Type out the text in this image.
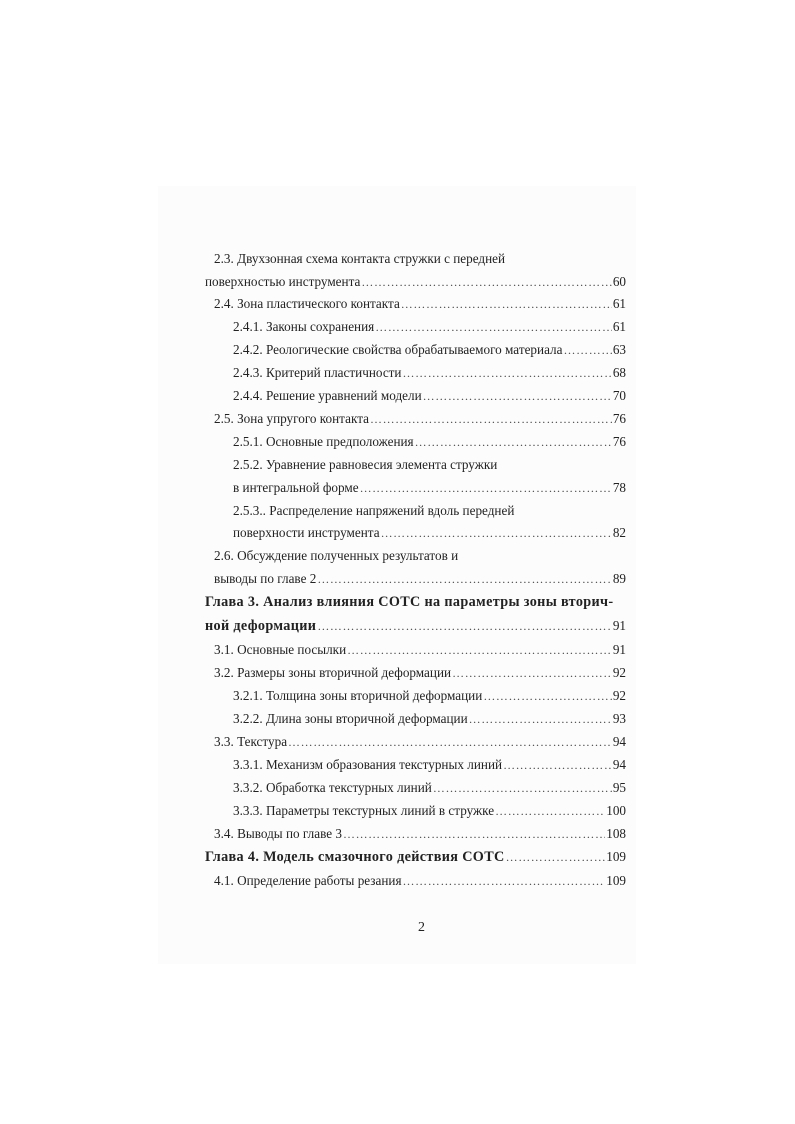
2.3. Двухзонная схема контакта стружки с передней
поверхностью инструмента ……………………………………………………………………………………………………………………………………	60
2.4. Зона пластического контакта ……………………………………………………………………………………………………………………………………	61
2.4.1. Законы сохранения ……………………………………………………………………………………………………………………………………	61
2.4.2. Реологические свойства обрабатываемого материала ……………………………………………………………………………………………………………………………………	63
2.4.3. Критерий пластичности ……………………………………………………………………………………………………………………………………	68
2.4.4. Решение уравнений модели ……………………………………………………………………………………………………………………………………	70
2.5. Зона упругого контакта ……………………………………………………………………………………………………………………………………	76
2.5.1. Основные предположения ……………………………………………………………………………………………………………………………………	76
2.5.2. Уравнение равновесия элемента стружки
в интегральной форме ……………………………………………………………………………………………………………………………………	78
2.5.3.. Распределение напряжений вдоль передней
поверхности инструмента ……………………………………………………………………………………………………………………………………	82
2.6. Обсуждение полученных результатов и
выводы по главе 2 ……………………………………………………………………………………………………………………………………	89
Глава 3. Анализ влияния СОТС на параметры зоны вторич-
ной деформации ……………………………………………………………………………………………………………………………………	91
3.1. Основные посылки ……………………………………………………………………………………………………………………………………	91
3.2. Размеры зоны вторичной деформации ……………………………………………………………………………………………………………………………………	92
3.2.1. Толщина зоны вторичной деформации ……………………………………………………………………………………………………………………………………	92
3.2.2. Длина зоны вторичной деформации ……………………………………………………………………………………………………………………………………	93
3.3. Текстура ……………………………………………………………………………………………………………………………………	94
3.3.1. Механизм образования текстурных линий ……………………………………………………………………………………………………………………………………	94
3.3.2. Обработка текстурных линий ……………………………………………………………………………………………………………………………………	95
3.3.3. Параметры текстурных линий в стружке ……………………………………………………………………………………………………………………………………	100
3.4. Выводы по главе 3 ……………………………………………………………………………………………………………………………………	108
Глава 4. Модель смазочного действия СОТС ……………………………………………………………………………………………………………………………………	109
4.1. Определение работы резания ……………………………………………………………………………………………………………………………………	109
2
